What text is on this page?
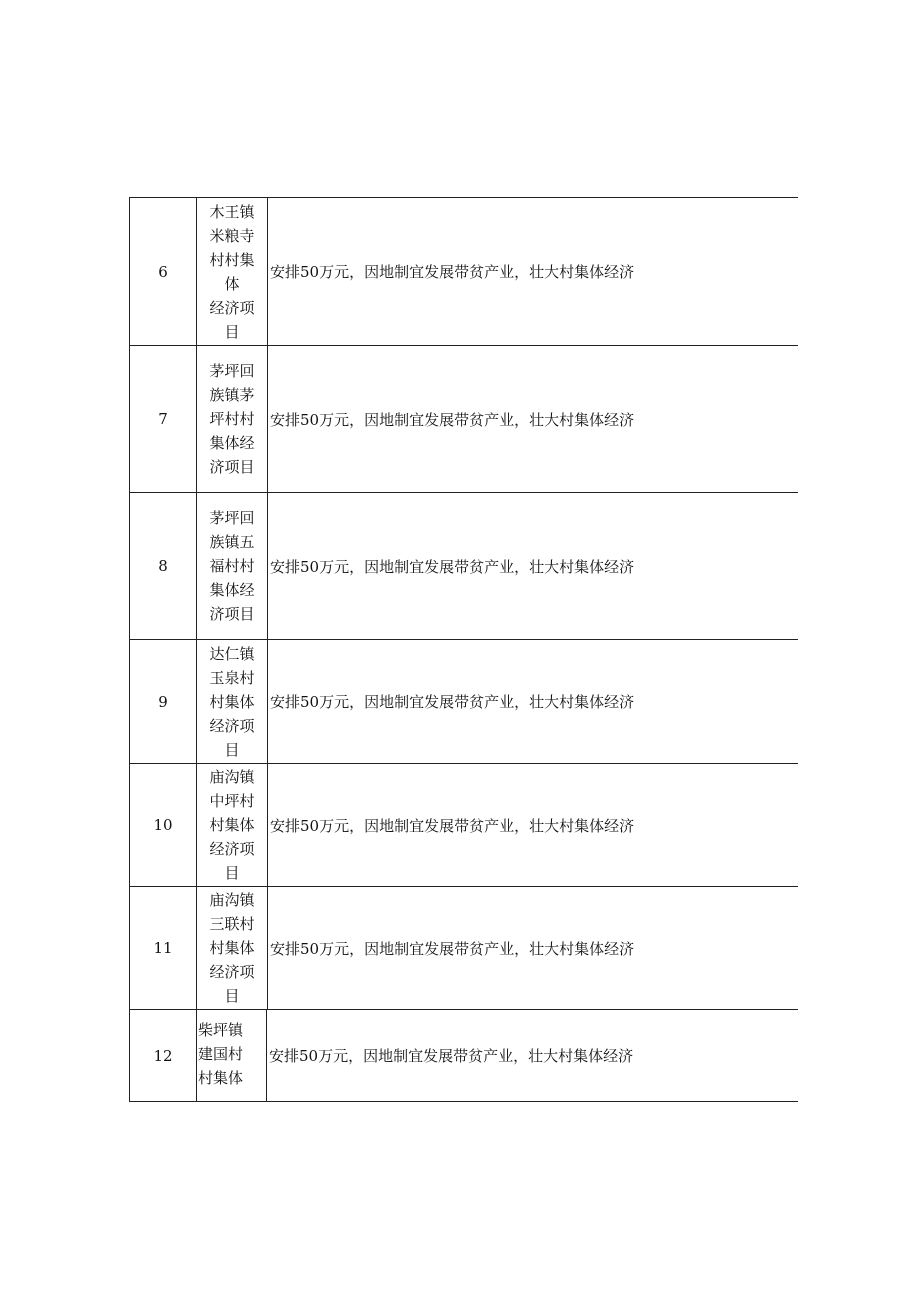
6
木王镇
米粮寺
村村集
体
经济项
目
安排50万元，因地制宜发展带贫产业，壮大村集体经济
7
茅坪回
族镇茅
坪村村
集体经
济项目
安排50万元，因地制宜发展带贫产业，壮大村集体经济
8
茅坪回
族镇五
福村村
集体经
济项目
安排50万元，因地制宜发展带贫产业，壮大村集体经济
9
达仁镇
玉泉村
村集体
经济项
目
安排50万元，因地制宜发展带贫产业，壮大村集体经济
10
庙沟镇
中坪村
村集体
经济项
目
安排50万元，因地制宜发展带贫产业，壮大村集体经济
11
庙沟镇
三联村
村集体
经济项
目
安排50万元，因地制宜发展带贫产业，壮大村集体经济
12
柴坪镇
建国村
村集体
安排50万元，因地制宜发展带贫产业，壮大村集体经济
